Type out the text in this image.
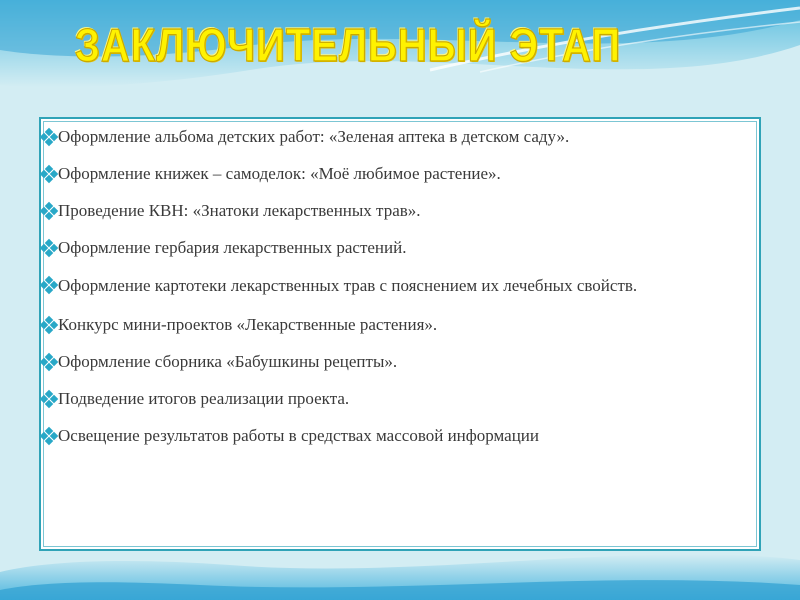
ЗАКЛЮЧИТЕЛЬНЫЙ ЭТАП
Оформление альбома детских работ: «Зеленая аптека в детском саду».
Оформление книжек – самоделок: «Моё любимое растение».
Проведение КВН: «Знатоки лекарственных трав».
Оформление гербария лекарственных растений.
Оформление картотеки лекарственных трав с пояснением их лечебных свойств.
Конкурс мини-проектов «Лекарственные растения».
Оформление сборника «Бабушкины рецепты».
Подведение итогов реализации проекта.
Освещение результатов работы в средствах массовой информации
